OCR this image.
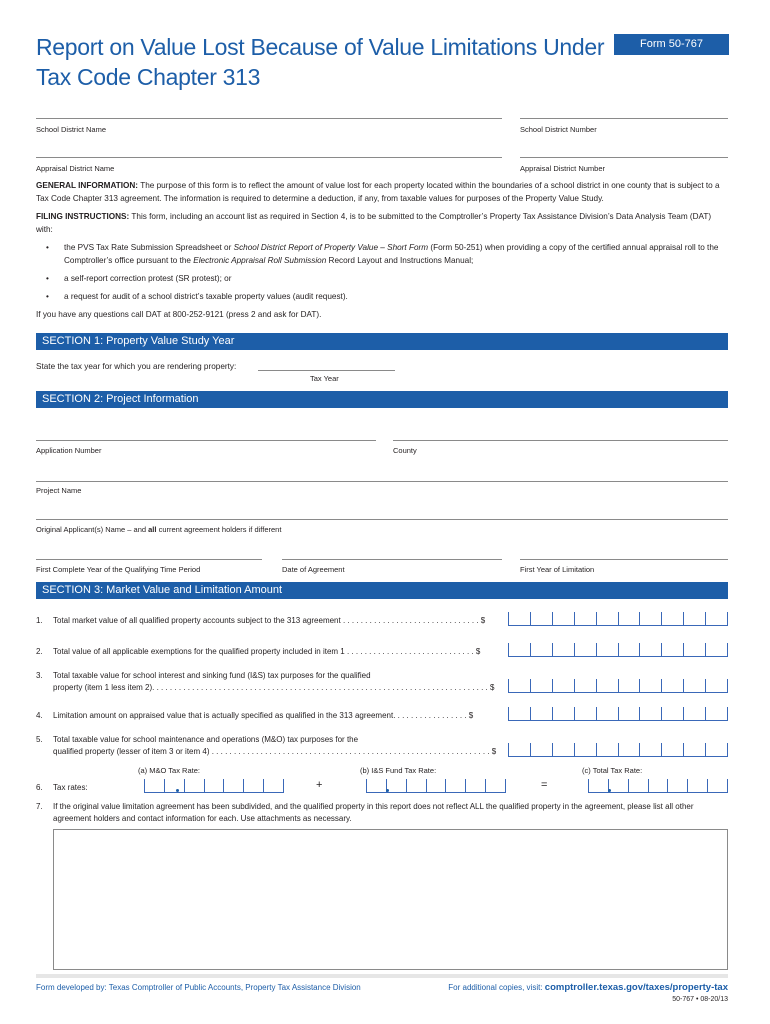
Report on Value Lost Because of Value Limitations Under
Tax Code Chapter 313
Form 50-767
School District Name	School District Number
Appraisal District Name	Appraisal District Number
GENERAL INFORMATION: The purpose of this form is to reflect the amount of value lost for each property located within the boundaries of a school district in one county that is subject to a Tax Code Chapter 313 agreement. The information is required to determine a deduction, if any, from taxable values for purposes of the Property Value Study.
FILING INSTRUCTIONS: This form, including an account list as required in Section 4, is to be submitted to the Comptroller’s Property Tax Assistance Division’s Data Analysis Team (DAT) with:
• the PVS Tax Rate Submission Spreadsheet or School District Report of Property Value – Short Form (Form 50-251) when providing a copy of the certified annual appraisal roll to the Comptroller’s office pursuant to the Electronic Appraisal Roll Submission Record Layout and Instructions Manual;
• a self-report correction protest (SR protest); or
• a request for audit of a school district’s taxable property values (audit request).
If you have any questions call DAT at 800-252-9121 (press 2 and ask for DAT).
SECTION 1: Property Value Study Year
State the tax year for which you are rendering property:
Tax Year
SECTION 2: Project Information
Application Number	County
Project Name
Original Applicant(s) Name – and all current agreement holders if different
First Complete Year of the Qualifying Time Period	Date of Agreement	First Year of Limitation
SECTION 3: Market Value and Limitation Amount
1. Total market value of all qualified property accounts subject to the 313 agreement . . . . . . . . . . . . . . . . . . . . . . . . . . . . . . . $
2. Total value of all applicable exemptions for the qualified property included in item 1 . . . . . . . . . . . . . . . . . . . . . . . . . . . . . $
3. Total taxable value for school interest and sinking fund (I&S) tax purposes for the qualified
property (item 1 less item 2). . . . . . . . . . . . . . . . . . . . . . . . . . . . . . . . . . . . . . . . . . . . . . . . . . . . . . . . . . . . . . . . . . . . . . . . . . . . $
4. Limitation amount on appraised value that is actually specified as qualified in the 313 agreement. . . . . . . . . . . . . . . . . $
5. Total taxable value for school maintenance and operations (M&O) tax purposes for the
qualified property (lesser of item 3 or item 4) . . . . . . . . . . . . . . . . . . . . . . . . . . . . . . . . . . . . . . . . . . . . . . . . . . . . . . . . . . . . . . . $
(a) M&O Tax Rate:	(b) I&S Fund Tax Rate:	(c) Total Tax Rate:
6. Tax rates:	+	=
7. If the original value limitation agreement has been subdivided, and the qualified property in this report does not reflect ALL the qualified property in the agreement, please list all other agreement holders and contact information for each. Use attachments as necessary.
Form developed by: Texas Comptroller of Public Accounts, Property Tax Assistance Division	For additional copies, visit: comptroller.texas.gov/taxes/property-tax
50-767 • 08-20/13
